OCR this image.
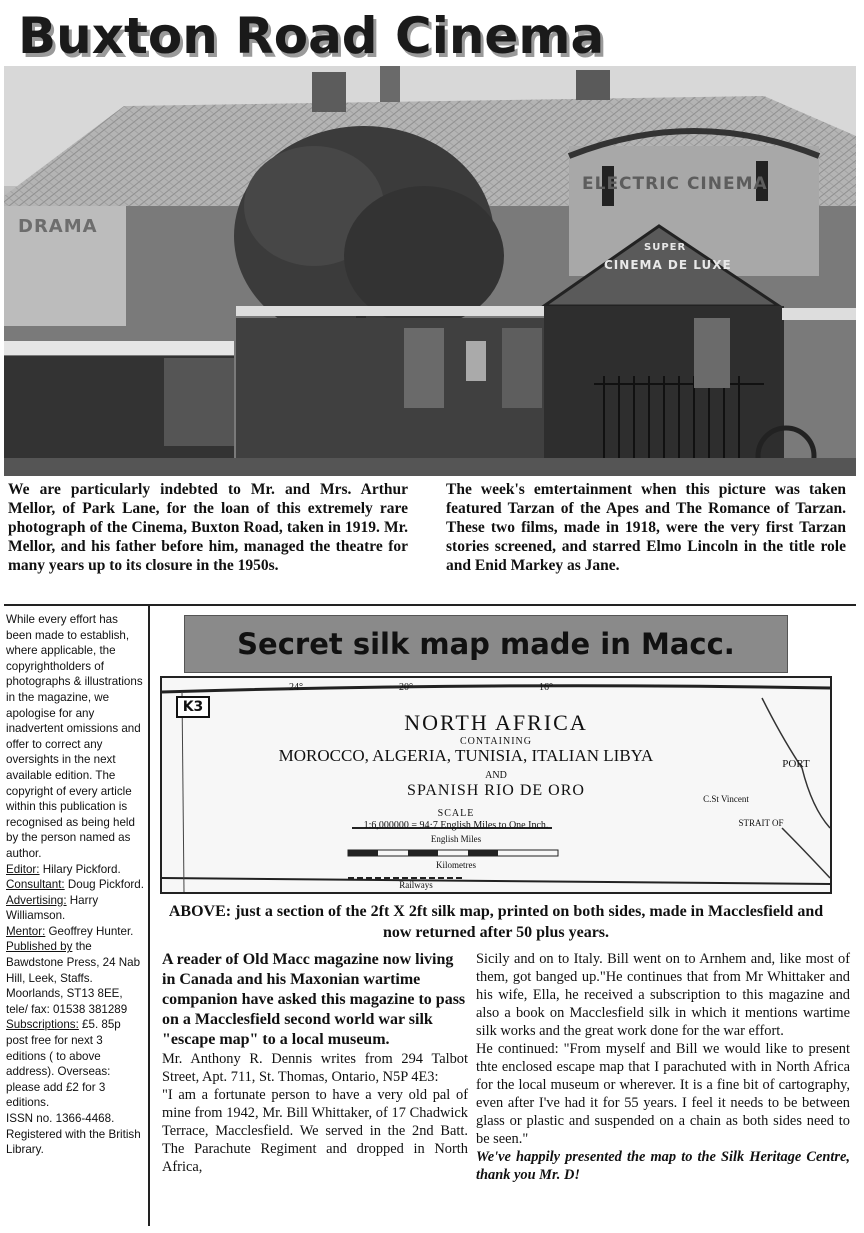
Buxton Road Cinema
DRAMA
ELECTRIC CINEMA
SUPER
CINEMA DE LUXE
We are particularly indebted to Mr. and Mrs. Arthur Mellor, of Park Lane, for the loan of this extremely rare photograph of the Cinema, Buxton Road, taken in 1919. Mr. Mellor, and his father before him, managed the theatre for many years up to its closure in the 1950s.
The week's emtertainment when this picture was taken featured Tarzan of the Apes and The Romance of Tarzan. These two films, made in 1918, were the very first Tarzan stories screened, and starred Elmo Lincoln in the title role and Enid Markey as Jane.

While every effort has been made to establish, where applicable, the copyrightholders of photographs & illustrations in the magazine, we apologise for any inadvertent omissions and offer to correct any oversights in the next available edition. The copyright of every article within this publication is recognised as being held by the person named as author.

Editor: Hilary Pickford.

Consultant: Doug Pickford.

Advertising: Harry Williamson.

Mentor: Geoffrey Hunter.

Published by the Bawdstone Press, 24 Nab Hill, Leek, Staffs. Moorlands, ST13 8EE, tele/ fax: 01538 381289

Subscriptions: £5. 85p post free for next 3 editions ( to above address). Overseas: please add £2 for 3 editions.

ISSN no. 1366-4468.

Registered with the British Library.

Secret silk map made in Macc.
K3
24°	20°	16°
NORTH AFRICA
CONTAINING
MOROCCO, ALGERIA, TUNISIA, ITALIAN LIBYA
AND
SPANISH RIO DE ORO
SCALE
1:6,000000 = 94·7 English Miles to One Inch.
English Miles
Kilometres
Railways
C.St Vincent
STRAIT OF
PORT
ABOVE: just a section of the 2ft X 2ft silk map, printed on both sides, made in Macclesfield and now returned after 50 plus years.
A reader of Old Macc magazine now living in Canada and his Maxonian wartime companion have asked this magazine to pass on a Macclesfield second world war silk "escape map" to a local museum.

Mr. Anthony R. Dennis writes from 294 Talbot Street, Apt. 711, St. Thomas, Ontario, N5P 4E3:

"I am a fortunate person to have a very old pal of mine from 1942, Mr. Bill Whittaker, of 17 Chadwick Terrace, Macclesfield. We served in the 2nd Batt. The Parachute Regiment and dropped in North Africa,

Sicily and on to Italy. Bill went on to Arnhem and, like most of them, got banged up."He continues that from Mr Whittaker and his wife, Ella, he received a subscription to this magazine and also a book on Macclesfield silk in which it mentions wartime silk works and the great work done for the war effort.

He continued: "From myself and Bill we would like to present thte enclosed escape map that I parachuted with in North Africa for the local museum or wherever. It is a fine bit of cartography, even after I've had it for 55 years. I feel it needs to be between glass or plastic and suspended on a chain as both sides need to be seen."

We've happily presented the map to the Silk Heritage Centre, thank you Mr. D!
